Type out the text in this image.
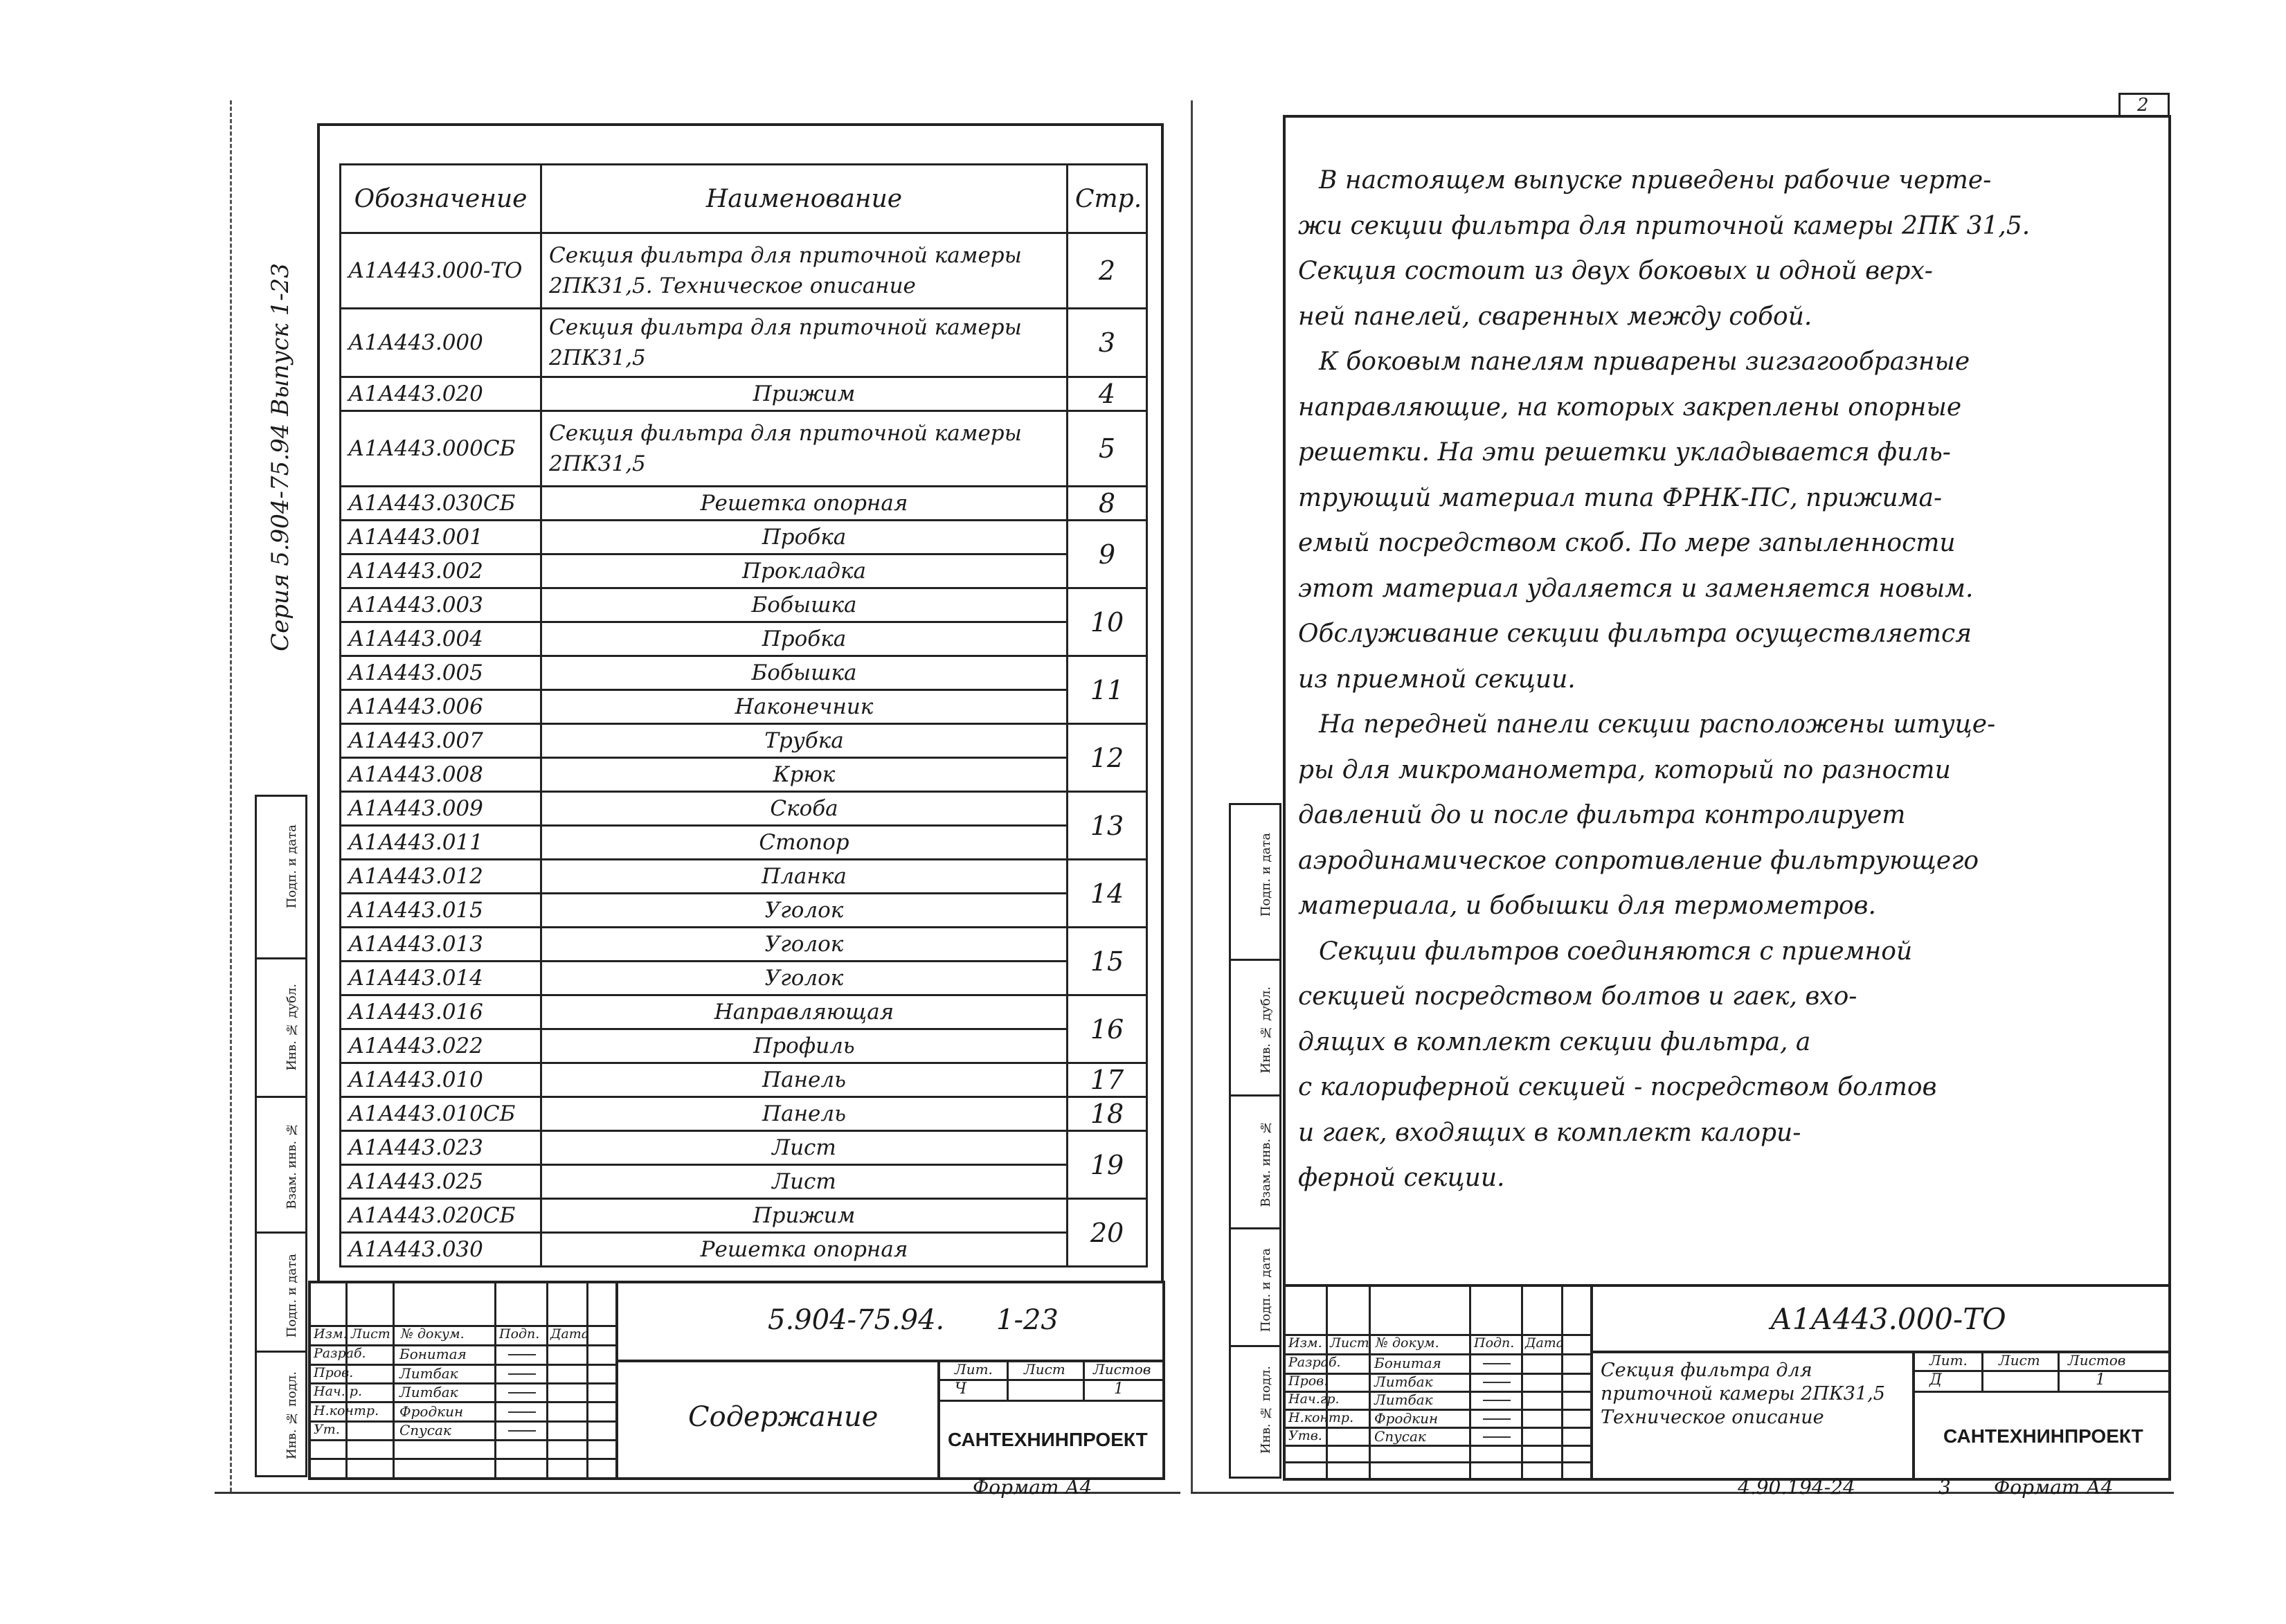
Серия 5.904-75.94 Выпуск 1-23
Подп. и дата
Инв. № дубл.
Взам. инв. №
Подп. и дата
Инв. № подл.
Обозначение	Наименование	Стр.
А1А443.000-ТО	Секция фильтра для приточной камеры 2ПК31,5. Техническое описание	2
А1А443.000	Секция фильтра для приточной камеры 2ПК31,5	3
А1А443.020	Прижим	4
А1А443.000СБ	Секция фильтра для приточной камеры 2ПК31,5	5
А1А443.030СБ	Решетка опорная	8
А1А443.001	Пробка	9
А1А443.002	Прокладка	
А1А443.003	Бобышка	10
А1А443.004	Пробка	
А1А443.005	Бобышка	11
А1А443.006	Наконечник	
А1А443.007	Трубка	12
А1А443.008	Крюк	
А1А443.009	Скоба	13
А1А443.011	Стопор	
А1А443.012	Планка	14
А1А443.015	Уголок	
А1А443.013	Уголок	15
А1А443.014	Уголок	
А1А443.016	Направляющая	16
А1А443.022	Профиль	
А1А443.010	Панель	17
А1А443.010СБ	Панель	18
А1А443.023	Лист	19
А1А443.025	Лист	
А1А443.020СБ	Прижим	20
А1А443.030	Решетка опорная	
Изм. Лист № докум.	Подп. Дата
Разраб. Бонитая
Пров.	Литбак
Нач. р.	Литбак
Н.контр. Фродкин
Ут.	Спусак
5.904-75.94. 1-23
Содержание
Лит. Лист Листов
Ч	1
САНТЕХНИНПРОЕКТ
Формат А4
2
В настоящем выпуске приведены рабочие черте-
жи секции фильтра для приточной камеры 2ПК 31,5.
Секция состоит из двух боковых и одной верх-
ней панелей, сваренных между собой.
К боковым панелям приварены зигзагообразные
направляющие, на которых закреплены опорные
решетки. На эти решетки укладывается филь-
трующий материал типа ФРНК-ПС, прижима-
емый посредством скоб. По мере запыленности
этот материал удаляется и заменяется новым.
Обслуживание секции фильтра осуществляется
из приемной секции.
На передней панели секции расположены штуце-
ры для микроманометра, который по разности
давлений до и после фильтра контролирует
аэродинамическое сопротивление фильтрующего
материала, и бобышки для термометров.
Секции фильтров соединяются с приемной
секцией посредством болтов и гаек, вхо-
дящих в комплект секции фильтра, а
с калориферной секцией - посредством болтов
и гаек, входящих в комплект калори-
ферной секции.
Подп. и дата
Инв. № дубл.
Взам. инв. №
Подп. и дата
Инв. № подл.
Изм. Лист № докум.	Подп. Дата
Разраб. Бонитая
Пров.	Литбак
Нач.гр.	Литбак
Н.контр. Фродкин
Утв.	Спусак
А1А443.000-ТО
Секция фильтра для приточной камеры 2ПК31,5 Техническое описание
Лит. Лист Листов
Д	1
САНТЕХНИНПРОЕКТ
4.90.194-24	3 Формат А4
